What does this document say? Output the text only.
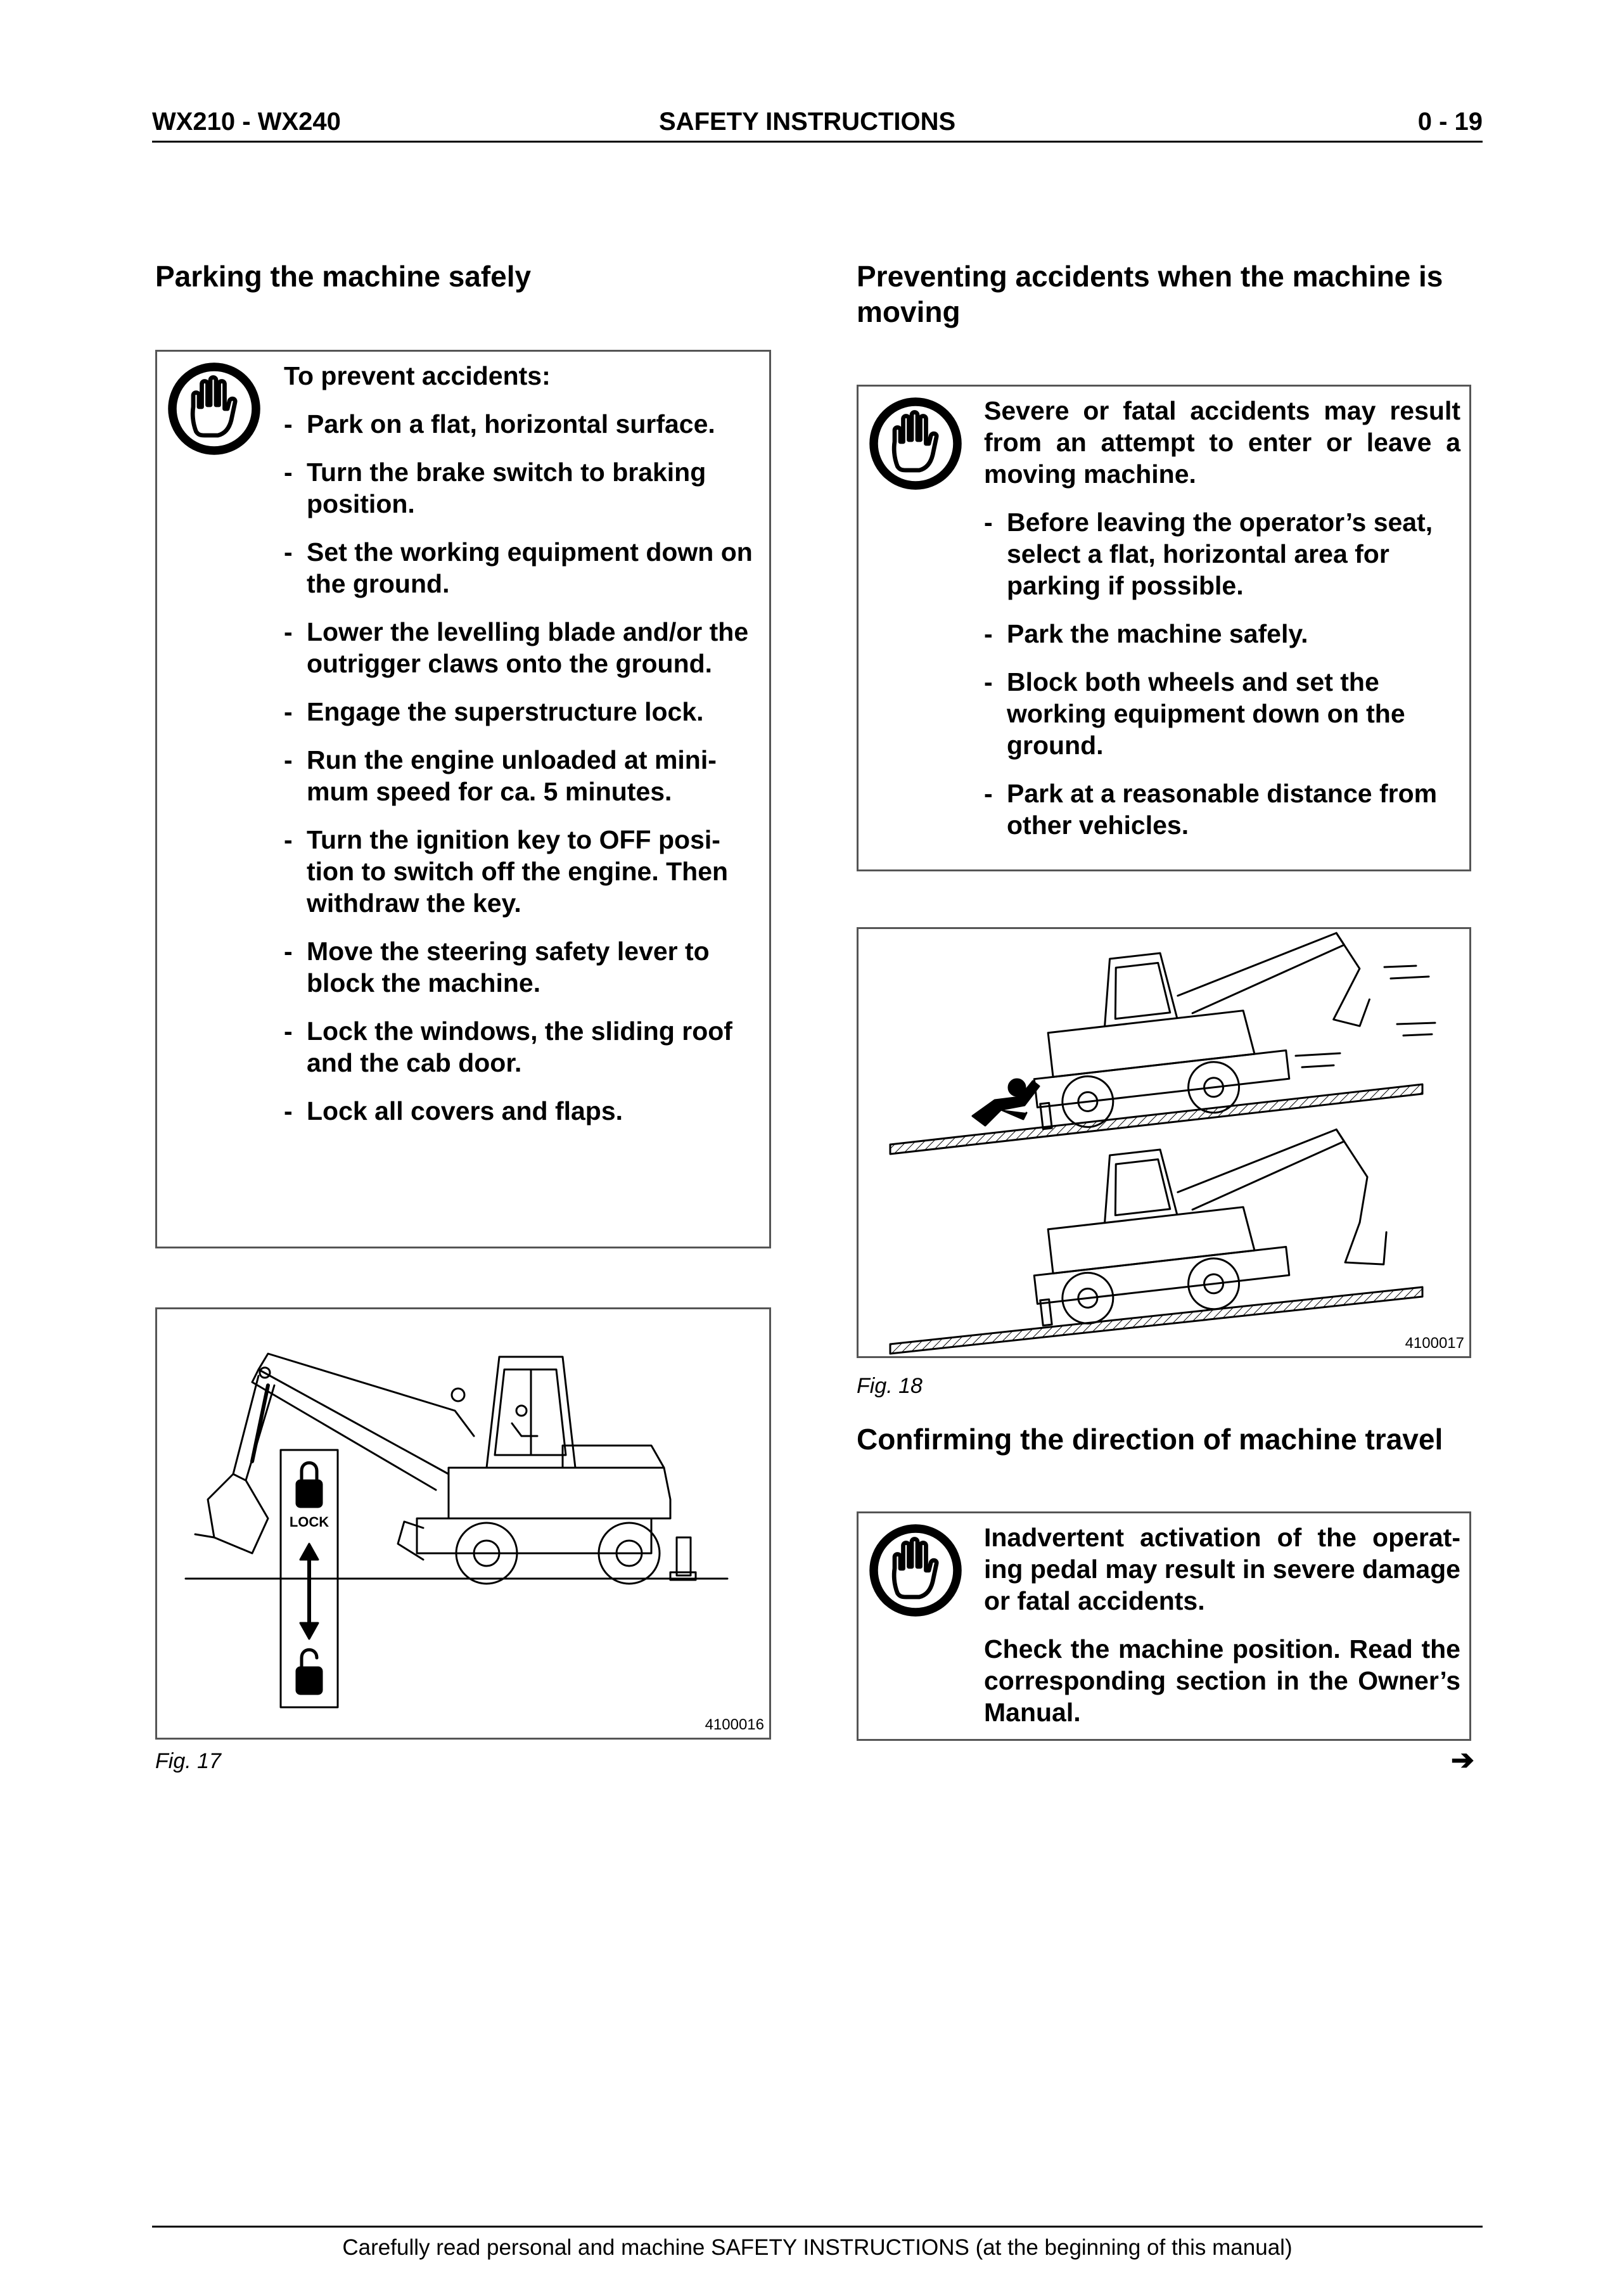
WX210 - WX240	SAFETY INSTRUCTIONS	0 - 19
Parking the machine safely

To prevent accidents:

- Park on a flat, horizontal surface.
- Turn the brake switch to braking position.
- Set the working equipment down on the ground.
- Lower the levelling blade and/or the outrigger claws onto the ground.
- Engage the superstructure lock.
- Run the engine unloaded at mini-mum speed for ca. 5 minutes.
- Turn the ignition key to OFF posi-tion to switch off the engine. Then withdraw the key.
- Move the steering safety lever to block the machine.
- Lock the windows, the sliding roof and the cab door.
- Lock all covers and flaps.
LOCK
4100016
Fig. 17
Preventing accidents when the machine is moving

Severe or fatal accidents may result from an attempt to enter or leave a moving machine.

- Before leaving the operator’s seat, select a flat, horizontal area for parking if possible.
- Park the machine safely.
- Block both wheels and set the working equipment down on the ground.
- Park at a reasonable distance from other vehicles.
4100017
Fig. 18
Confirming the direction of machine travel

Inadvertent activation of the operat-ing pedal may result in severe damage or fatal accidents.

Check the machine position. Read the corresponding section in the Owner’s Manual.

➔
Carefully read personal and machine SAFETY INSTRUCTIONS (at the beginning of this manual)
